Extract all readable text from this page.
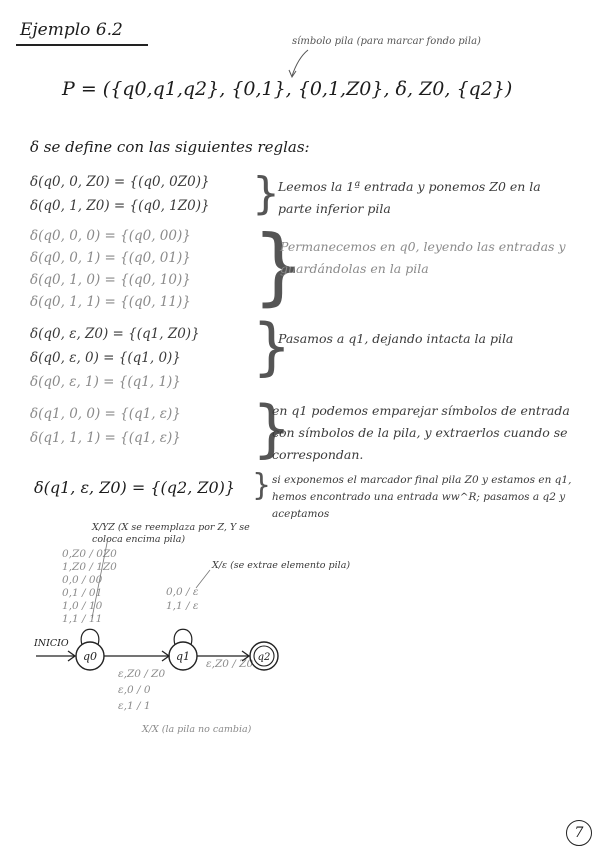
Ejemplo 6.2
símbolo pila (para marcar fondo pila)
P = ({q0,q1,q2}, {0,1}, {0,1,Z0}, δ, Z0, {q2})
δ se define con las siguientes reglas:
δ(q0, 0, Z0) = {(q0, 0Z0)}
δ(q0, 1, Z0) = {(q0, 1Z0)} }
Leemos la 1ª entrada y ponemos Z0 en la parte inferior pila
δ(q0, 0, 0) = {(q0, 00)}
δ(q0, 0, 1) = {(q0, 01)}
δ(q0, 1, 0) = {(q0, 10)}
δ(q0, 1, 1) = {(q0, 11)} }
Permanecemos en q0, leyendo las entradas y guardándolas en la pila
δ(q0, ε, Z0) = {(q1, Z0)}
δ(q0, ε, 0) = {(q1, 0)}
δ(q0, ε, 1) = {(q1, 1)} }
Pasamos a q1, dejando intacta la pila
δ(q1, 0, 0) = {(q1, ε)}
δ(q1, 1, 1) = {(q1, ε)} }
en q1 podemos emparejar símbolos de entrada con símbolos de la pila, y extraerlos cuando se correspondan.
δ(q1, ε, Z0) = {(q2, Z0)} } si exponemos el marcador final pila Z0 y estamos en q1, hemos encontrado una entrada ww^R; pasamos a q2 y aceptamos
X/YZ (X se reemplaza por Z, Y se coloca encima pila)
X/ε (se extrae elemento pila)
0,Z0 / 0Z0
1,Z0 / 1Z0
0,0 / 00
0,1 / 01
1,0 / 10
1,1 / 11
0,0 / ε
1,1 / ε
ε,Z0 / Z0
ε,0 / 0
ε,1 / 1
ε,Z0 / Z0
X/X (la pila no cambia)
INICIO
q0	q1	q2
7
